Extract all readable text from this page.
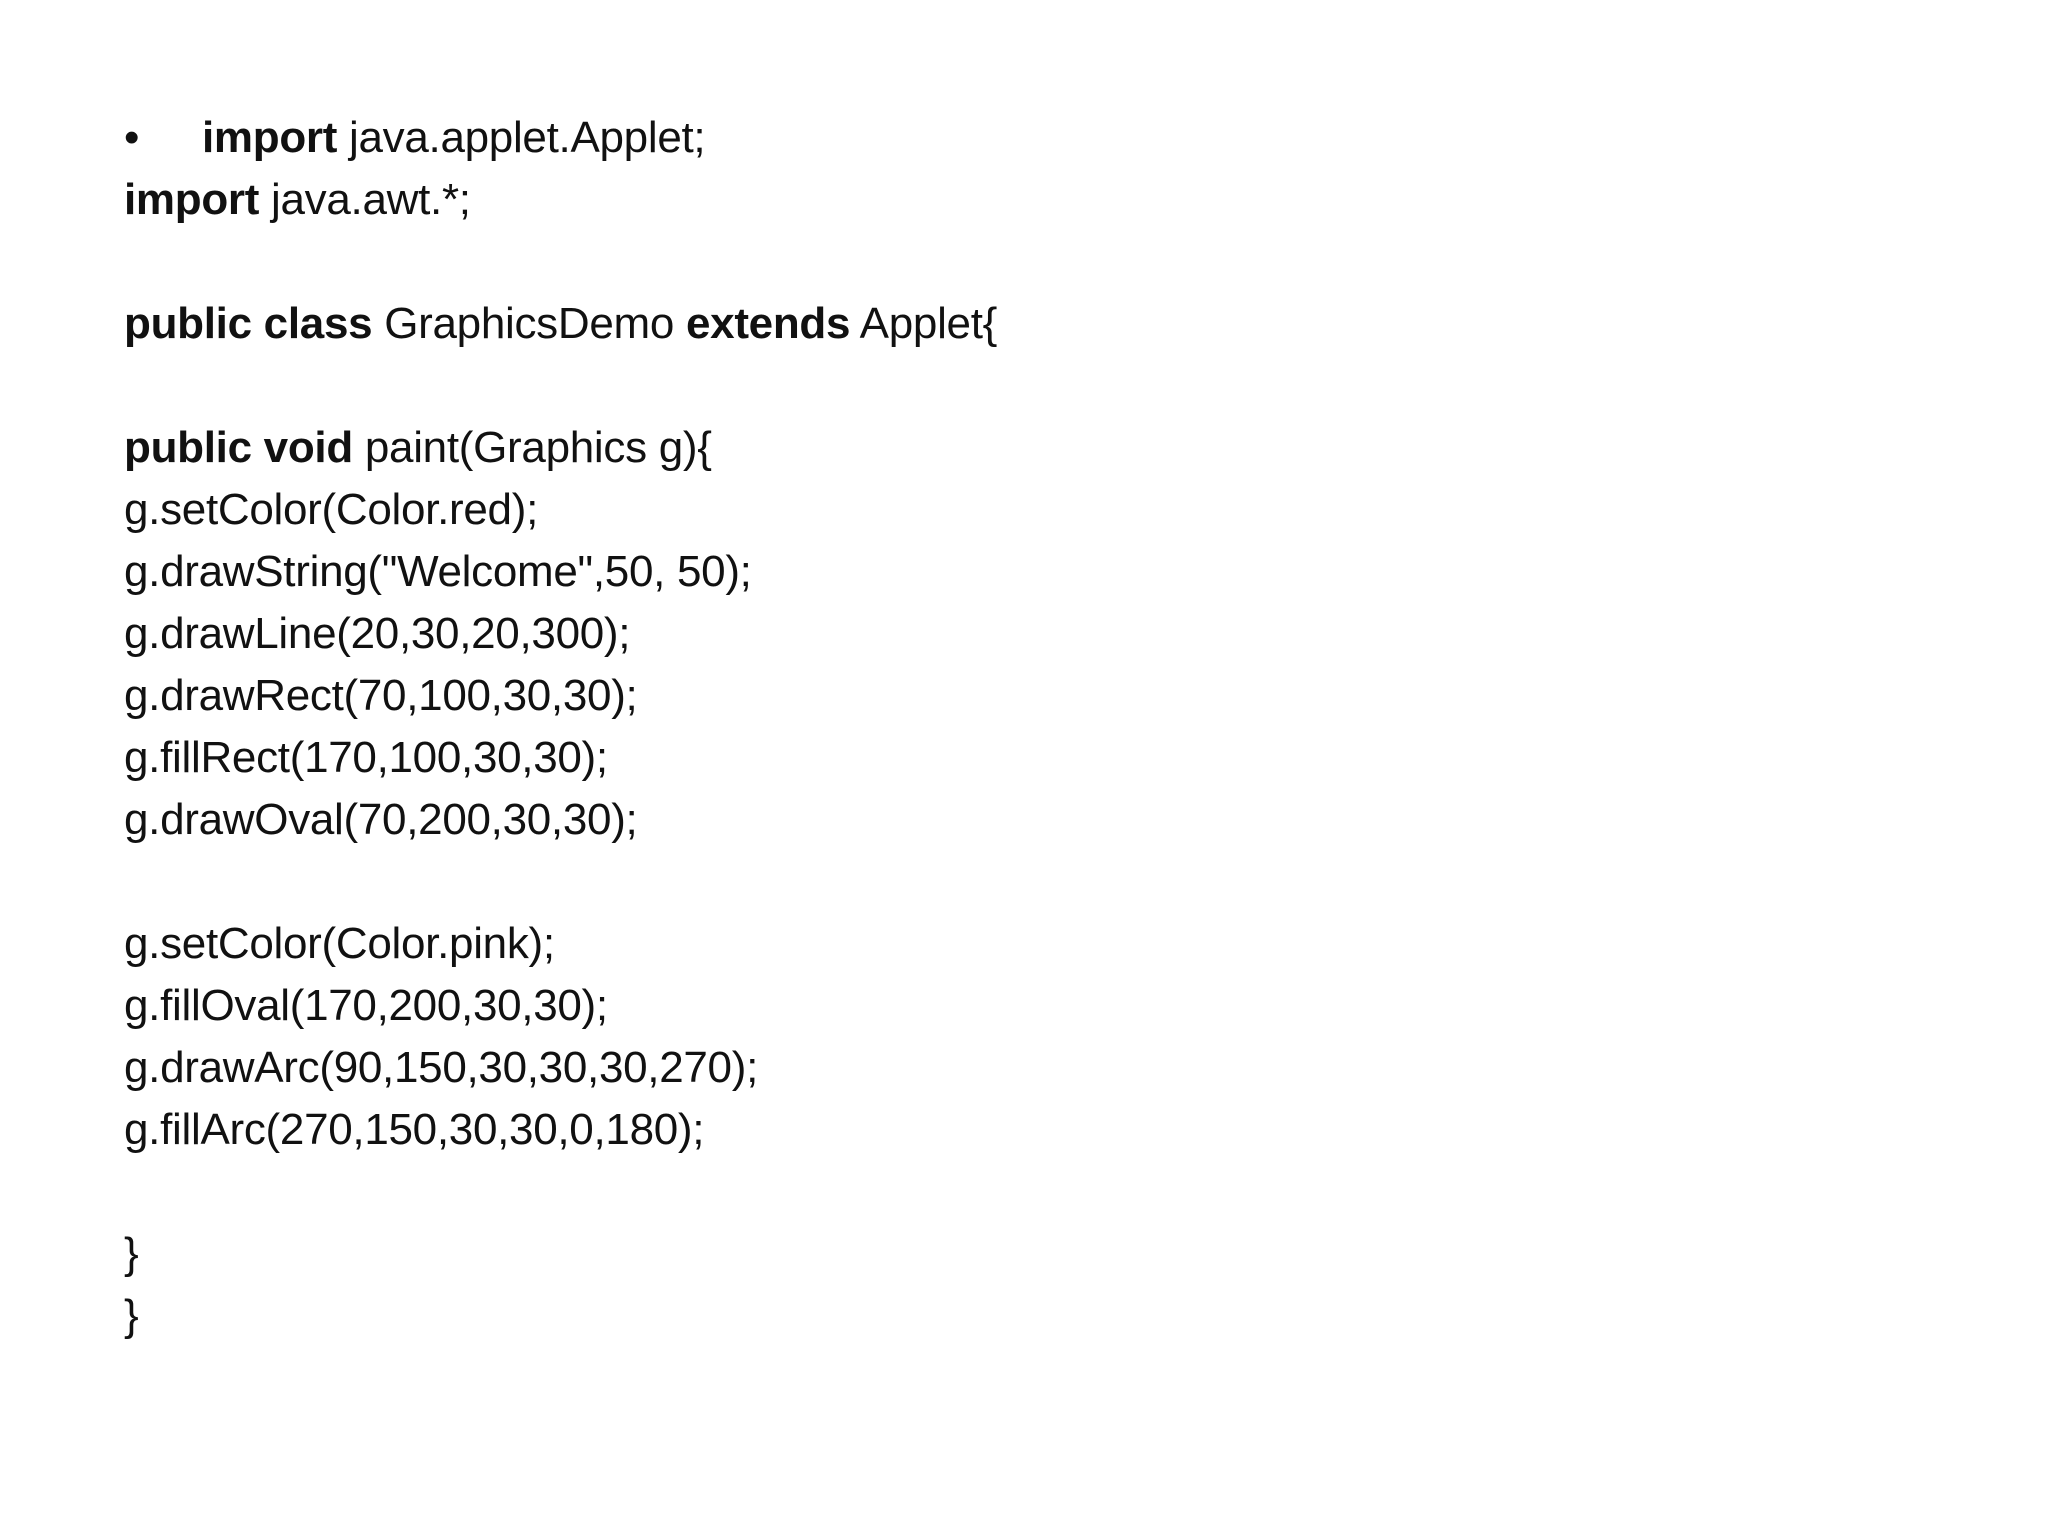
• import java.applet.Applet;
import java.awt.*;
public class GraphicsDemo extends Applet{
public void paint(Graphics g){
g.setColor(Color.red);
g.drawString("Welcome",50, 50);
g.drawLine(20,30,20,300);
g.drawRect(70,100,30,30);
g.fillRect(170,100,30,30);
g.drawOval(70,200,30,30);
g.setColor(Color.pink);
g.fillOval(170,200,30,30);
g.drawArc(90,150,30,30,30,270);
g.fillArc(270,150,30,30,0,180);
}
}
